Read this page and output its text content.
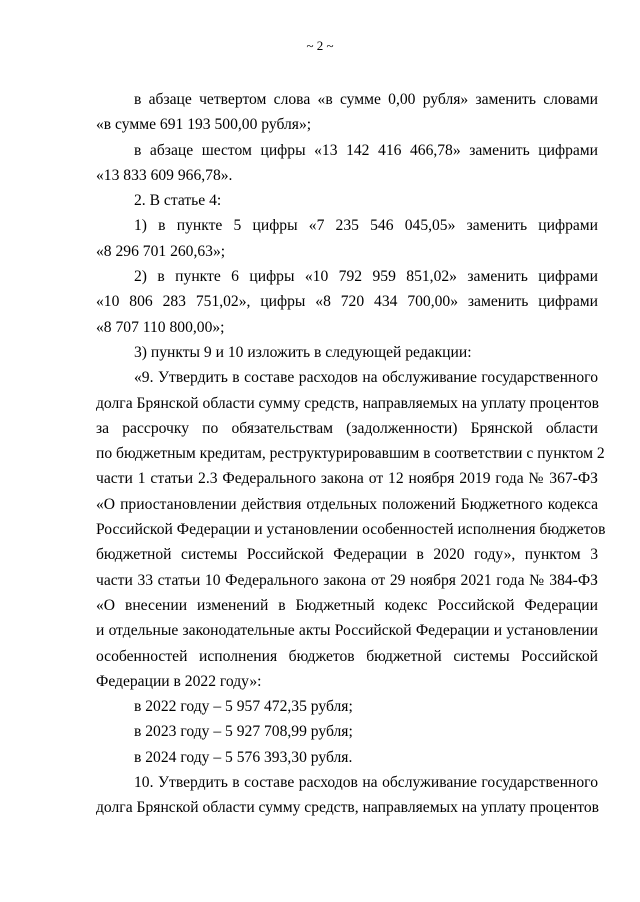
~ 2 ~
в абзаце четвертом слова «в сумме 0,00 рубля» заменить словами
«в сумме 691 193 500,00 рубля»;
в абзаце шестом цифры «13 142 416 466,78» заменить цифрами
«13 833 609 966,78».
2. В статье 4:
1) в пункте 5 цифры «7 235 546 045,05» заменить цифрами
«8 296 701 260,63»;
2) в пункте 6 цифры «10 792 959 851,02» заменить цифрами
«10 806 283 751,02», цифры «8 720 434 700,00» заменить цифрами
«8 707 110 800,00»;
3) пункты 9 и 10 изложить в следующей редакции:
«9. Утвердить в составе расходов на обслуживание государственного
долга Брянской области сумму средств, направляемых на уплату процентов
за рассрочку по обязательствам (задолженности) Брянской области
по бюджетным кредитам, реструктурировавшим в соответствии с пунктом 2
части 1 статьи 2.3 Федерального закона от 12 ноября 2019 года № 367-ФЗ
«О приостановлении действия отдельных положений Бюджетного кодекса
Российской Федерации и установлении особенностей исполнения бюджетов
бюджетной системы Российской Федерации в 2020 году», пунктом 3
части 33 статьи 10 Федерального закона от 29 ноября 2021 года № 384-ФЗ
«О внесении изменений в Бюджетный кодекс Российской Федерации
и отдельные законодательные акты Российской Федерации и установлении
особенностей исполнения бюджетов бюджетной системы Российской
Федерации в 2022 году»:
в 2022 году – 5 957 472,35 рубля;
в 2023 году – 5 927 708,99 рубля;
в 2024 году – 5 576 393,30 рубля.
10. Утвердить в составе расходов на обслуживание государственного
долга Брянской области сумму средств, направляемых на уплату процентов
